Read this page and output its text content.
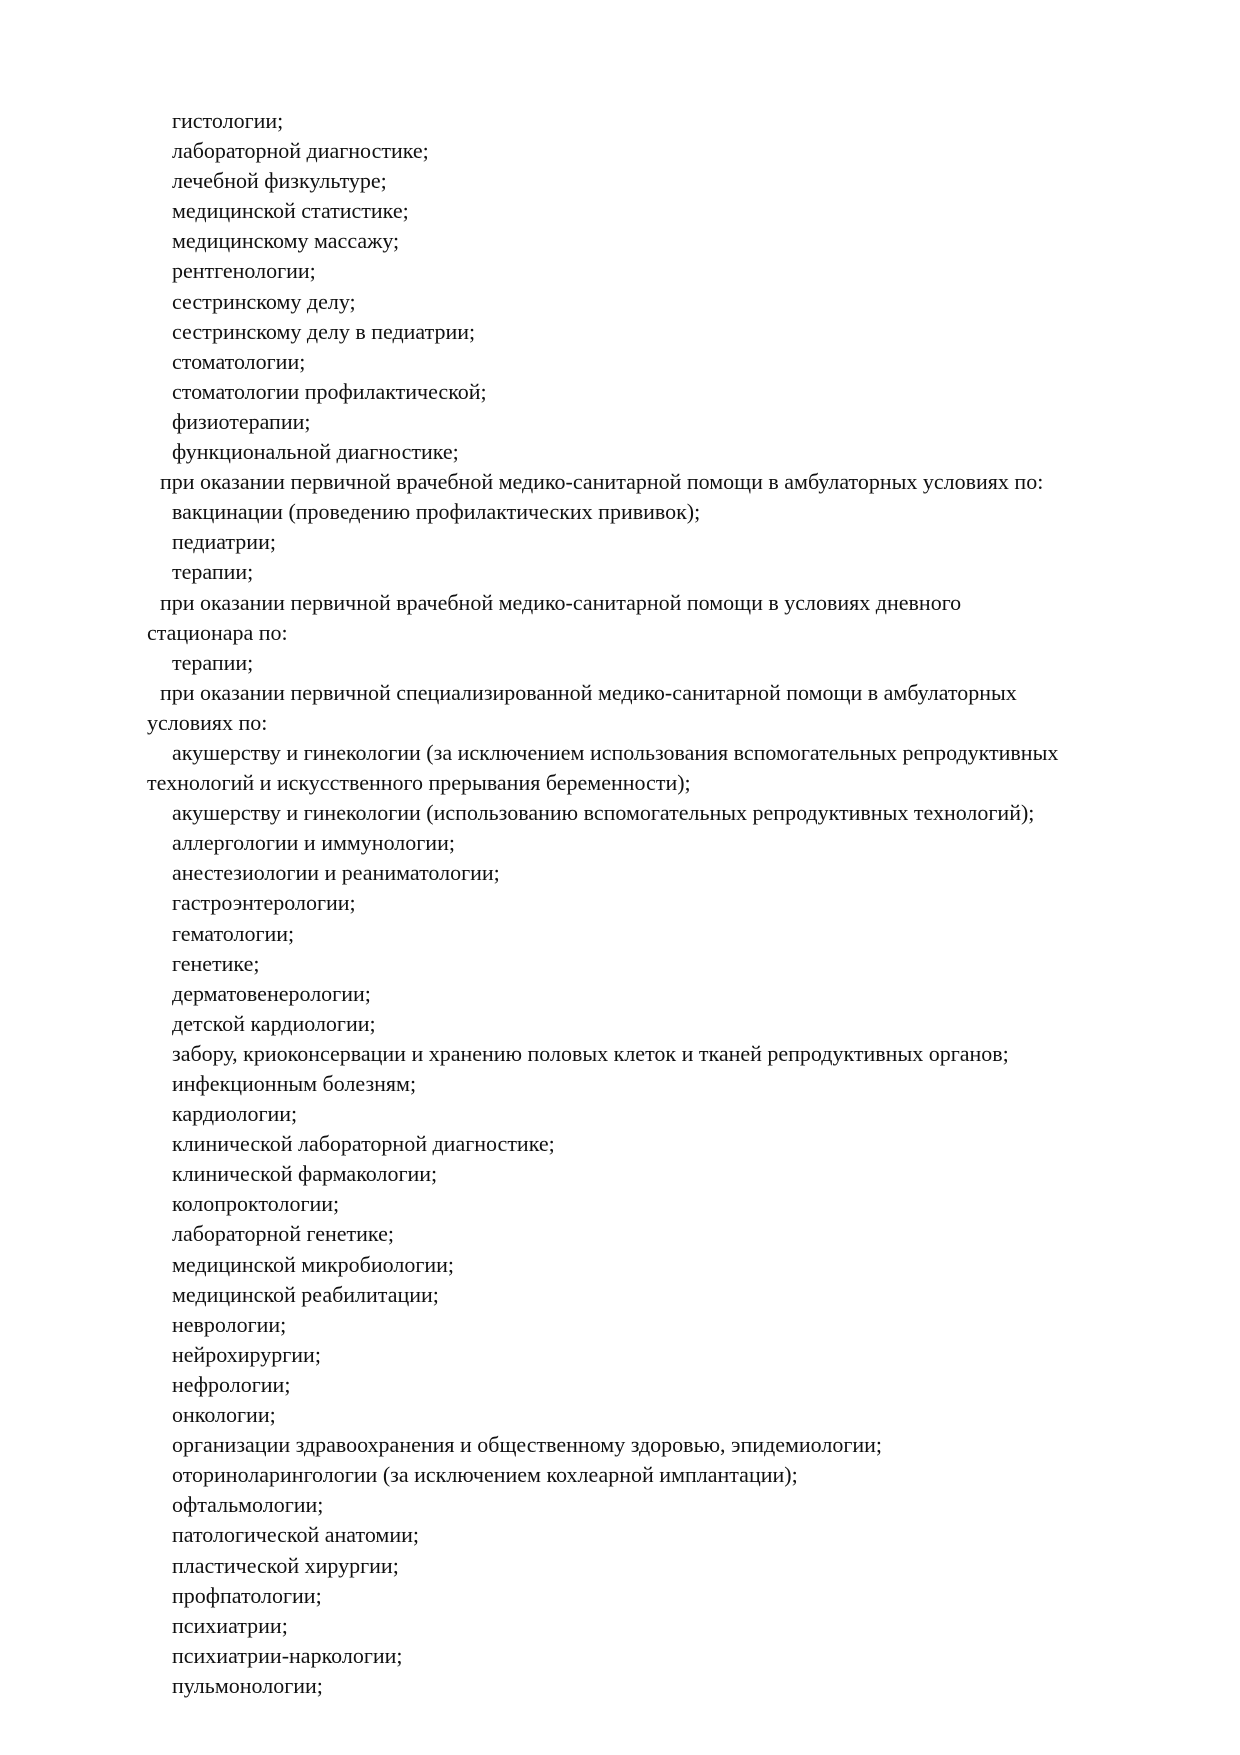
гистологии;
лабораторной диагностике;
лечебной физкультуре;
медицинской статистике;
медицинскому массажу;
рентгенологии;
сестринскому делу;
сестринскому делу в педиатрии;
стоматологии;
стоматологии профилактической;
физиотерапии;
функциональной диагностике;
при оказании первичной врачебной медико-санитарной помощи в амбулаторных условиях по:
вакцинации (проведению профилактических прививок);
педиатрии;
терапии;
при оказании первичной врачебной медико-санитарной помощи в условиях дневного
стационара по:
терапии;
при оказании первичной специализированной медико-санитарной помощи в амбулаторных
условиях по:
акушерству и гинекологии (за исключением использования вспомогательных репродуктивных
технологий и искусственного прерывания беременности);
акушерству и гинекологии (использованию вспомогательных репродуктивных технологий);
аллергологии и иммунологии;
анестезиологии и реаниматологии;
гастроэнтерологии;
гематологии;
генетике;
дерматовенерологии;
детской кардиологии;
забору, криоконсервации и хранению половых клеток и тканей репродуктивных органов;
инфекционным болезням;
кардиологии;
клинической лабораторной диагностике;
клинической фармакологии;
колопроктологии;
лабораторной генетике;
медицинской микробиологии;
медицинской реабилитации;
неврологии;
нейрохирургии;
нефрологии;
онкологии;
организации здравоохранения и общественному здоровью, эпидемиологии;
оториноларингологии (за исключением кохлеарной имплантации);
офтальмологии;
патологической анатомии;
пластической хирургии;
профпатологии;
психиатрии;
психиатрии-наркологии;
пульмонологии;
